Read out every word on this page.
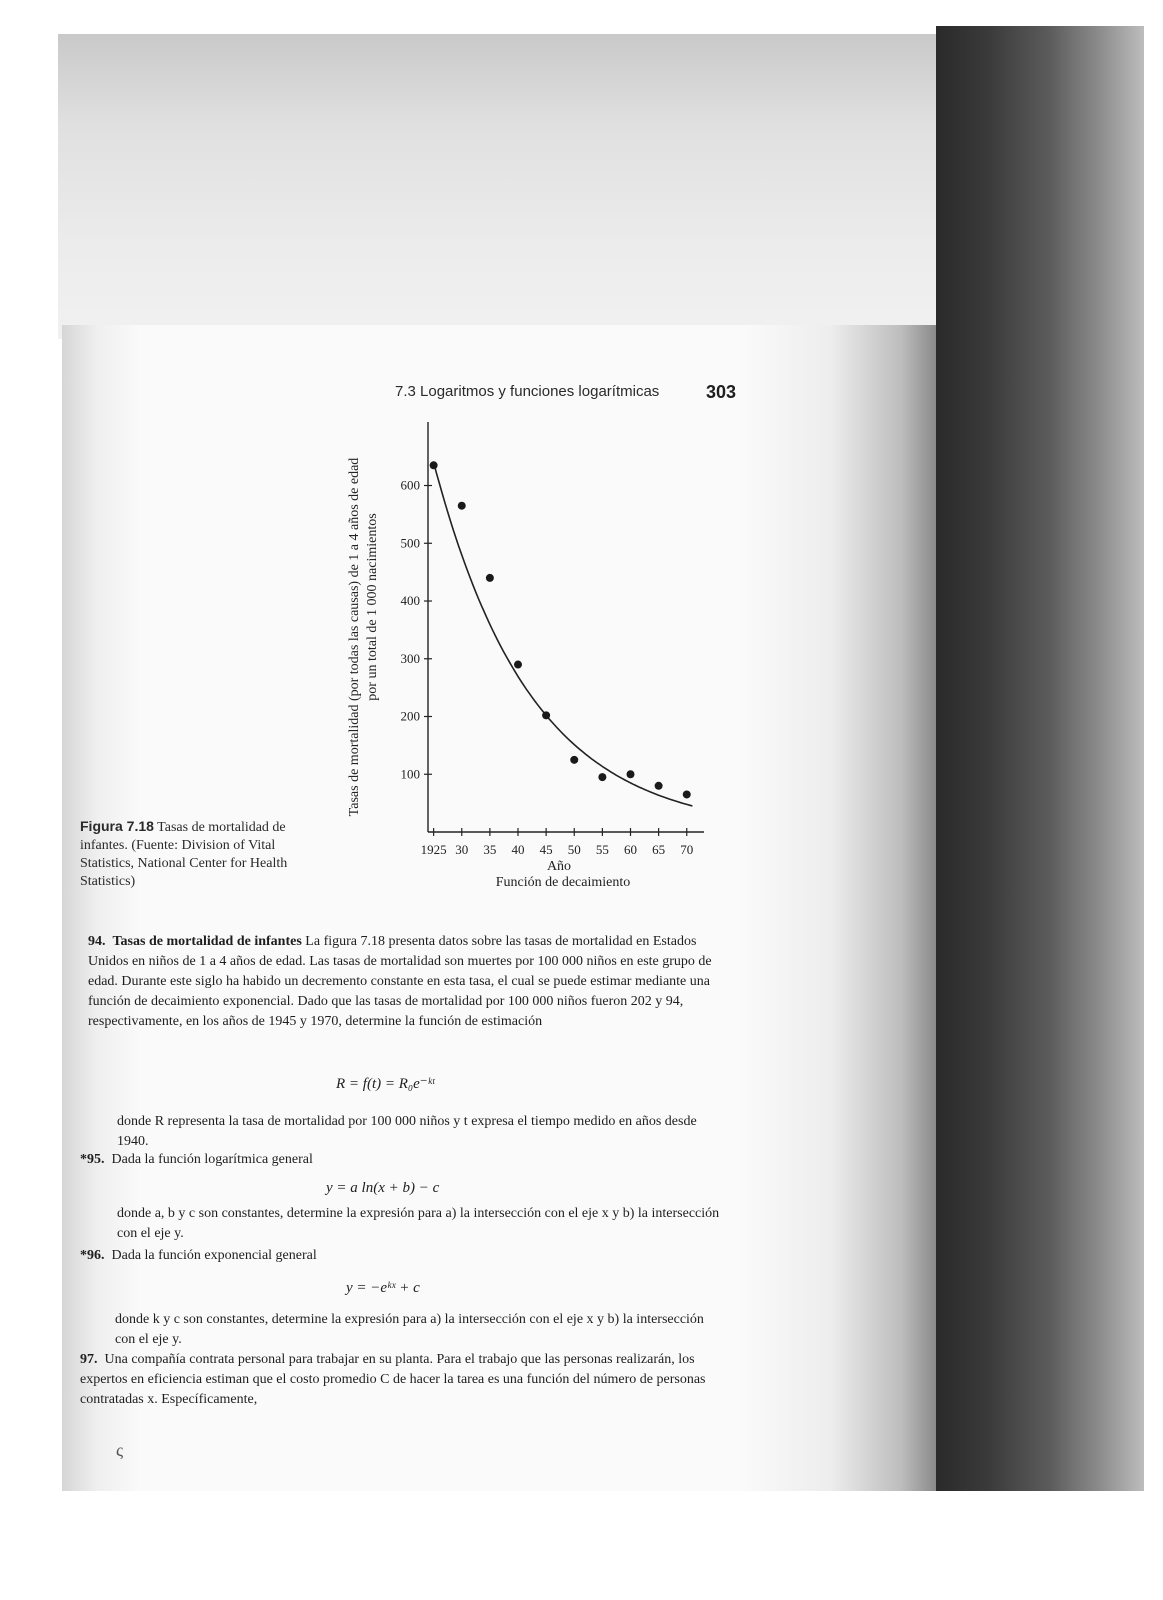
7.3 Logaritmos y funciones logarítmicas	303
100
200
300
400
500
600
1925 30 35 40 45 50 55 60 65 70
Año
Función de decaimiento
Tasas de mortalidad (por todas las causas) de 1 a 4 años de edad por un total de 1 000 nacimientos
Figura 7.18 Tasas de mortalidad de infantes. (Fuente: Division of Vital Statistics, National Center for Health Statistics)
94. Tasas de mortalidad de infantes La figura 7.18 presenta datos sobre las tasas de mortalidad en Estados Unidos en niños de 1 a 4 años de edad. Las tasas de mortalidad son muertes por 100 000 niños en este grupo de edad. Durante este siglo ha habido un decremento constante en esta tasa, el cual se puede estimar mediante una función de decaimiento exponencial. Dado que las tasas de mortalidad por 100 000 niños fueron 202 y 94, respectivamente, en los años de 1945 y 1970, determine la función de estimación
R = f(t) = R₀e⁻ᵏᵗ
donde R representa la tasa de mortalidad por 100 000 niños y t expresa el tiempo medido en años desde 1940.
*95. Dada la función logarítmica general
y = a ln(x + b) − c
donde a, b y c son constantes, determine la expresión para a) la intersección con el eje x y b) la intersección con el eje y.
*96. Dada la función exponencial general
y = −eᵏˣ + c
donde k y c son constantes, determine la expresión para a) la intersección con el eje x y b) la intersección con el eje y.
97. Una compañía contrata personal para trabajar en su planta. Para el trabajo que las personas realizarán, los expertos en eficiencia estiman que el costo promedio C de hacer la tarea es una función del número de personas contratadas x. Específicamente,
ς
